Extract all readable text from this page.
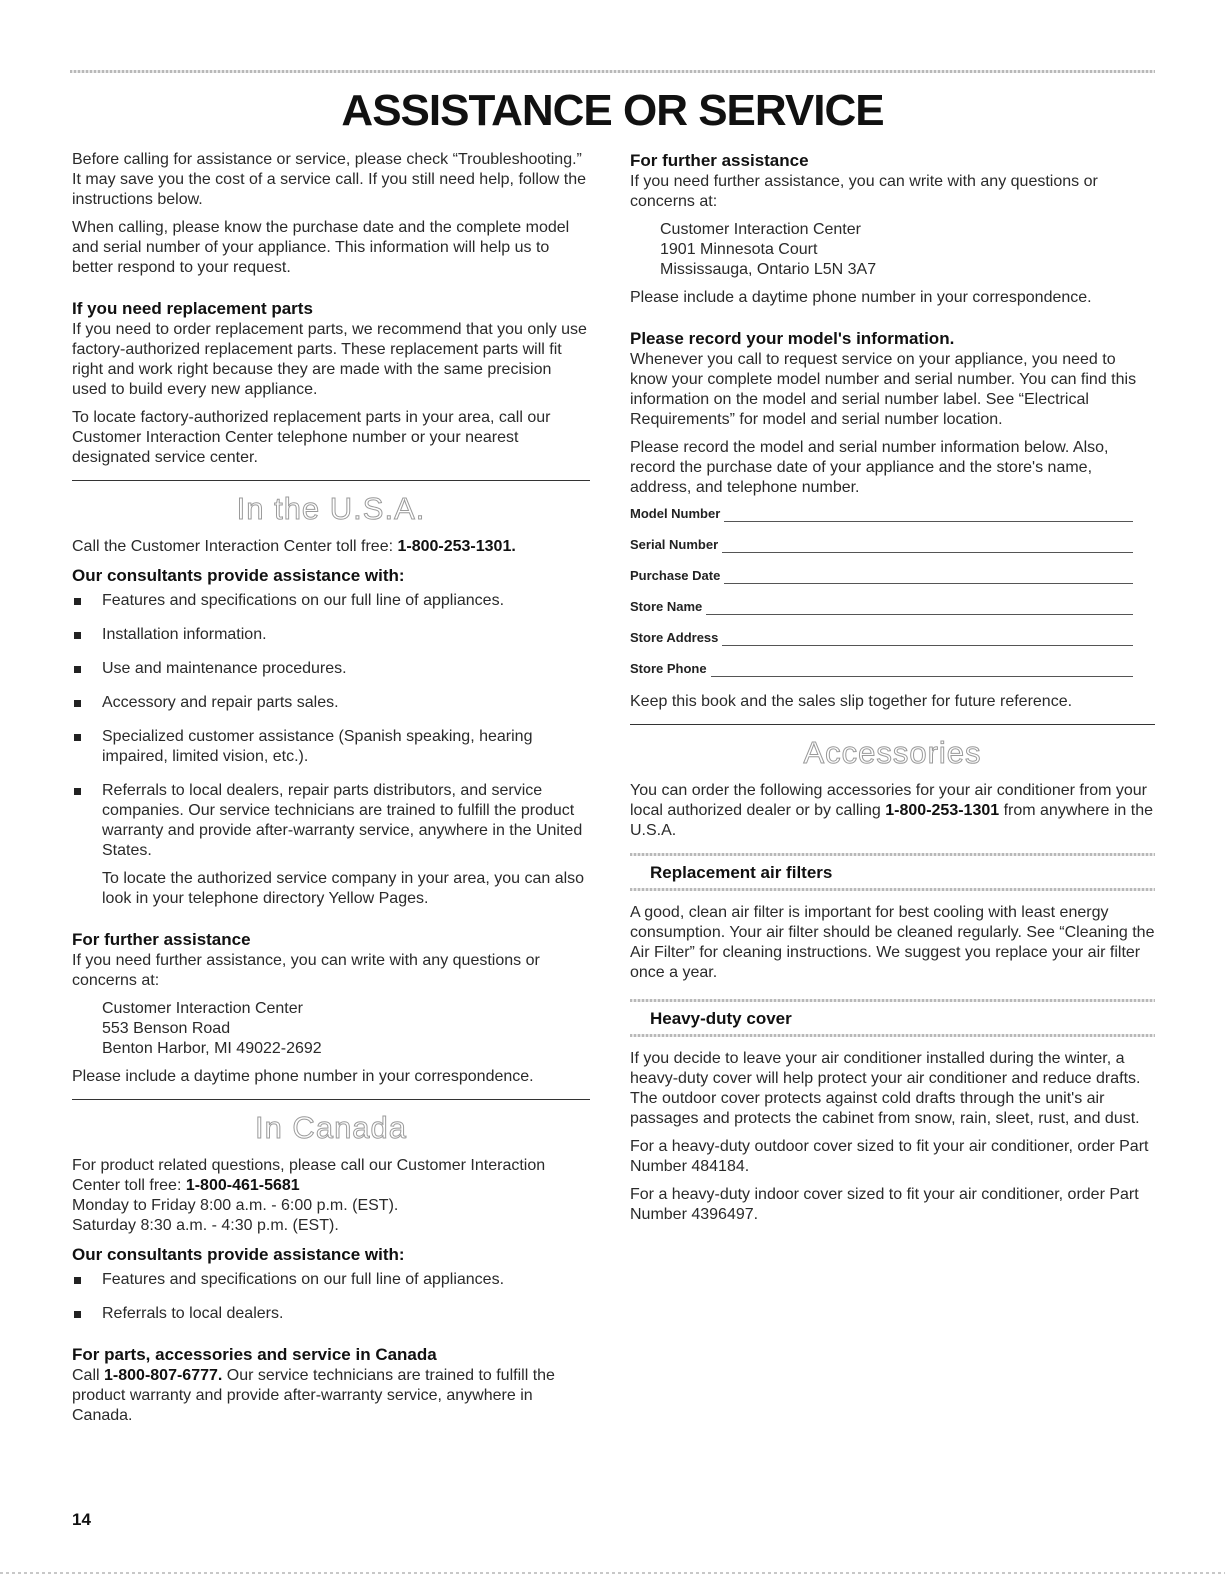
ASSISTANCE OR SERVICE

Before calling for assistance or service, please check “Troubleshooting.” It may save you the cost of a service call. If you still need help, follow the instructions below.

When calling, please know the purchase date and the complete model and serial number of your appliance. This information will help us to better respond to your request.

If you need replacement parts

If you need to order replacement parts, we recommend that you only use factory-authorized replacement parts. These replacement parts will fit right and work right because they are made with the same precision used to build every new appliance.

To locate factory-authorized replacement parts in your area, call our Customer Interaction Center telephone number or your nearest designated service center.

In the U.S.A.

Call the Customer Interaction Center toll free: 1-800-253-1301.

Our consultants provide assistance with:
Features and specifications on our full line of appliances.
Installation information.
Use and maintenance procedures.
Accessory and repair parts sales.
Specialized customer assistance (Spanish speaking, hearing impaired, limited vision, etc.).
Referrals to local dealers, repair parts distributors, and service companies. Our service technicians are trained to fulfill the product warranty and provide after-warranty service, anywhere in the United States.

To locate the authorized service company in your area, you can also look in your telephone directory Yellow Pages.

For further assistance

If you need further assistance, you can write with any questions or concerns at:

Customer Interaction Center
553 Benson Road
Benton Harbor, MI 49022-2692

Please include a daytime phone number in your correspondence.

In Canada

For product related questions, please call our Customer Interaction Center toll free: 1-800-461-5681

Monday to Friday 8:00 a.m. - 6:00 p.m. (EST).

Saturday 8:30 a.m. - 4:30 p.m. (EST).

Our consultants provide assistance with:
Features and specifications on our full line of appliances.
Referrals to local dealers.
For parts, accessories and service in Canada

Call 1-800-807-6777. Our service technicians are trained to fulfill the product warranty and provide after-warranty service, anywhere in Canada.

For further assistance

If you need further assistance, you can write with any questions or concerns at:

Customer Interaction Center
1901 Minnesota Court
Mississauga, Ontario L5N 3A7

Please include a daytime phone number in your correspondence.

Please record your model's information.

Whenever you call to request service on your appliance, you need to know your complete model number and serial number. You can find this information on the model and serial number label. See “Electrical Requirements” for model and serial number location.

Please record the model and serial number information below. Also, record the purchase date of your appliance and the store's name, address, and telephone number.

Model Number
Serial Number
Purchase Date
Store Name
Store Address
Store Phone

Keep this book and the sales slip together for future reference.

Accessories

You can order the following accessories for your air conditioner from your local authorized dealer or by calling 1-800-253-1301 from anywhere in the U.S.A.

Replacement air filters

A good, clean air filter is important for best cooling with least energy consumption. Your air filter should be cleaned regularly. See “Cleaning the Air Filter” for cleaning instructions. We suggest you replace your air filter once a year.

Heavy-duty cover

If you decide to leave your air conditioner installed during the winter, a heavy-duty cover will help protect your air conditioner and reduce drafts. The outdoor cover protects against cold drafts through the unit's air passages and protects the cabinet from snow, rain, sleet, rust, and dust.

For a heavy-duty outdoor cover sized to fit your air conditioner, order Part Number 484184.

For a heavy-duty indoor cover sized to fit your air conditioner, order Part Number 4396497.

14
